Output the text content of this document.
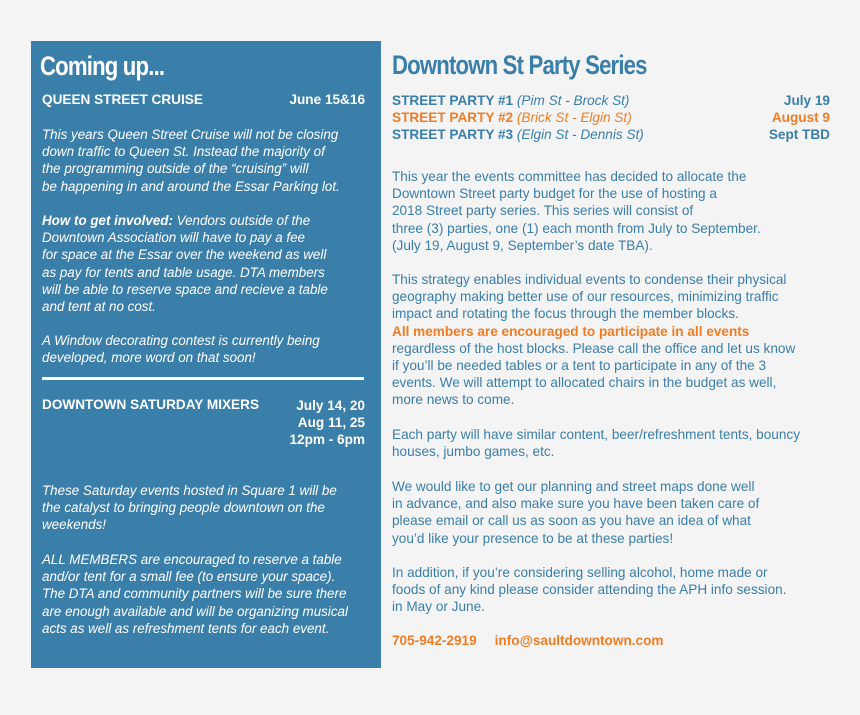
Coming up...
QUEEN STREET CRUISE	June 15&16

This years Queen Street Cruise will not be closing
down traffic to Queen St. Instead the majority of
the programming outside of the “cruising” will
be happening in and around the Essar Parking lot.

How to get involved: Vendors outside of the
Downtown Association will have to pay a fee
for space at the Essar over the weekend as well
as pay for tents and table usage. DTA members
will be able to reserve space and recieve a table
and tent at no cost.

A Window decorating contest is currently being
developed, more word on that soon!

DOWNTOWN SATURDAY MIXERS	July 14, 20
Aug 11, 25
12pm - 6pm

These Saturday events hosted in Square 1 will be
the catalyst to bringing people downtown on the
weekends!

ALL MEMBERS are encouraged to reserve a table
and/or tent for a small fee (to ensure your space).
The DTA and community partners will be sure there
are enough available and will be organizing musical
acts as well as refreshment tents for each event.

Downtown St Party Series
STREET PARTY #1 (Pim St - Brock St)	July 19
STREET PARTY #2 (Brick St - Elgin St)	August 9
STREET PARTY #3 (Elgin St - Dennis St)	Sept TBD

This year the events committee has decided to allocate the
Downtown Street party budget for the use of hosting a
2018 Street party series. This series will consist of
three (3) parties, one (1) each month from July to September.
(July 19, August 9, September’s date TBA).

This strategy enables individual events to condense their physical
geography making better use of our resources, minimizing traffic
impact and rotating the focus through the member blocks.
All members are encouraged to participate in all events
regardless of the host blocks. Please call the office and let us know
if you’ll be needed tables or a tent to participate in any of the 3
events. We will attempt to allocated chairs in the budget as well,
more news to come.

Each party will have similar content, beer/refreshment tents, bouncy
houses, jumbo games, etc.

We would like to get our planning and street maps done well
in advance, and also make sure you have been taken care of
please email or call us as soon as you have an idea of what
you’d like your presence to be at these parties!

In addition, if you’re considering selling alcohol, home made or
foods of any kind please consider attending the APH info session.
in May or June.

705-942-2919 info@saultdowntown.com
